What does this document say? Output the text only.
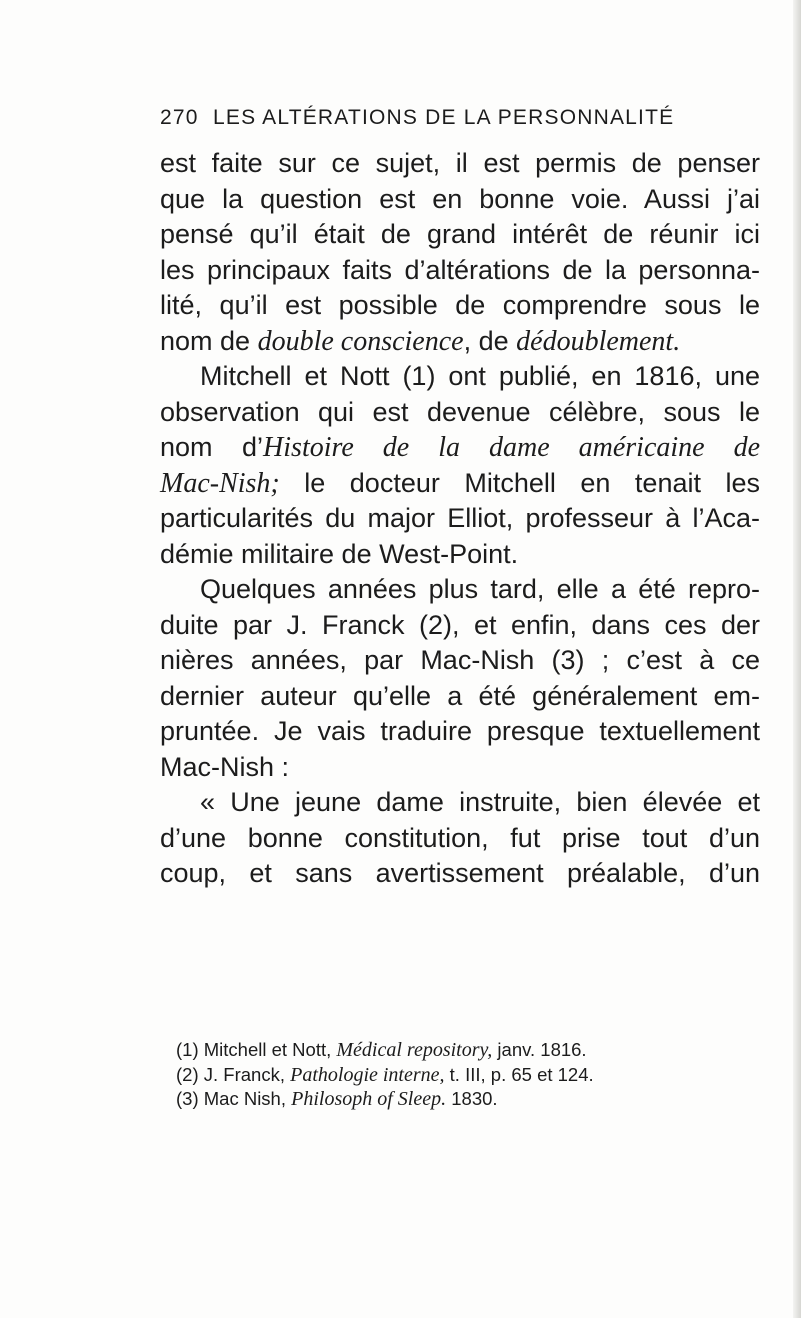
270 LES ALTÉRATIONS DE LA PERSONNALITÉ
est faite sur ce sujet, il est permis de penser
que la question est en bonne voie. Aussi j’ai
pensé qu’il était de grand intérêt de réunir ici
les principaux faits d’altérations de la personna-
lité, qu’il est possible de comprendre sous le
nom de double conscience, de dédoublement.
Mitchell et Nott (1) ont publié, en 1816, une
observation qui est devenue célèbre, sous le
nom d’Histoire de la dame américaine de
Mac-Nish; le docteur Mitchell en tenait les
particularités du major Elliot, professeur à l’Aca-
démie militaire de West-Point.
Quelques années plus tard, elle a été repro-
duite par J. Franck (2), et enfin, dans ces der
nières années, par Mac-Nish (3) ; c’est à ce
dernier auteur qu’elle a été généralement em-
pruntée. Je vais traduire presque textuellement
Mac-Nish :
« Une jeune dame instruite, bien élevée et
d’une bonne constitution, fut prise tout d’un
coup, et sans avertissement préalable, d’un
(1) Mitchell et Nott, Médical repository, janv. 1816.
(2) J. Franck, Pathologie interne, t. III, p. 65 et 124.
(3) Mac Nish, Philosoph of Sleep. 1830.
